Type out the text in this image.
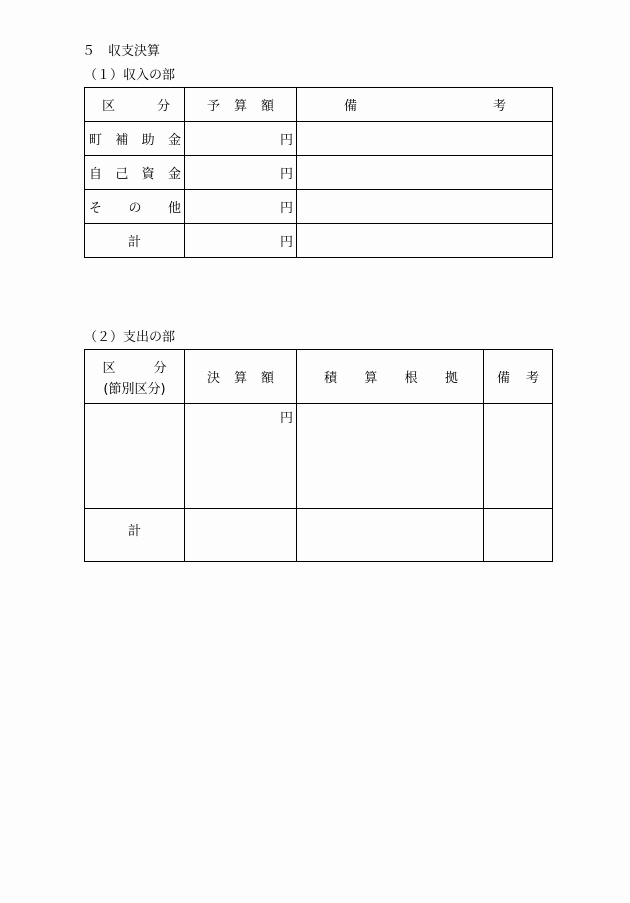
５　収支決算
（１）収入の部
区 分	予 算 額	備 考

町 補 助 金	円	

自 己 資 金	円	

そ の 他	円	

計	円	

（２）支出の部
区 分
(節別区分)	決 算 額	積 算 根 拠	備 考

	円		

計			
